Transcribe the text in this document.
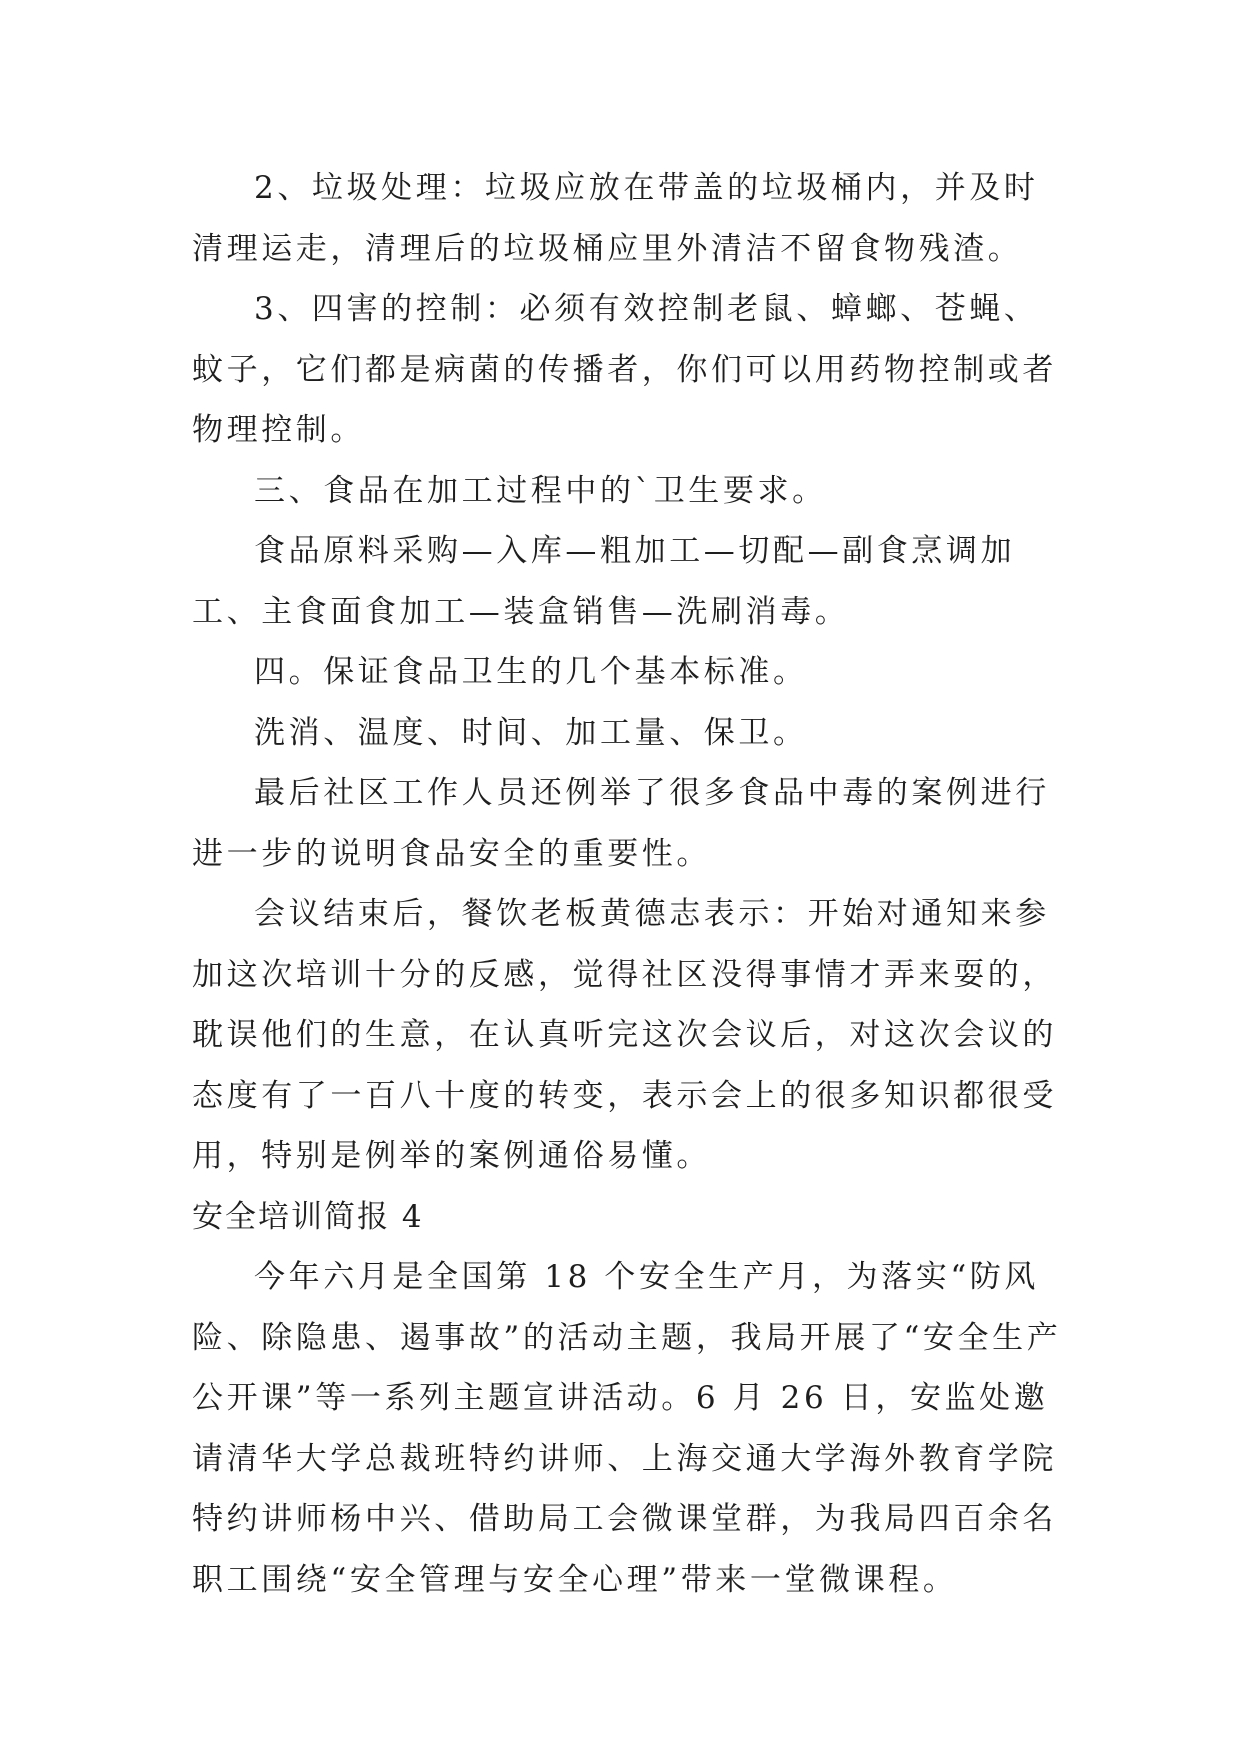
2、垃圾处理：垃圾应放在带盖的垃圾桶内，并及时清理运走，清理后的垃圾桶应里外清洁不留食物残渣。

3、四害的控制：必须有效控制老鼠、蟑螂、苍蝇、蚊子，它们都是病菌的传播者，你们可以用药物控制或者物理控制。

三、食品在加工过程中的`卫生要求。

食品原料采购—入库—粗加工—切配—副食烹调加工、主食面食加工—装盒销售—洗刷消毒。

四。保证食品卫生的几个基本标准。

洗消、温度、时间、加工量、保卫。

最后社区工作人员还例举了很多食品中毒的案例进行进一步的说明食品安全的重要性。

会议结束后，餐饮老板黄德志表示：开始对通知来参加这次培训十分的反感，觉得社区没得事情才弄来耍的，耽误他们的生意，在认真听完这次会议后，对这次会议的态度有了一百八十度的转变，表示会上的很多知识都很受用，特别是例举的案例通俗易懂。

安全培训简报 4

今年六月是全国第 18 个安全生产月，为落实“防风险、除隐患、遏事故”的活动主题，我局开展了“安全生产公开课”等一系列主题宣讲活动。6 月 26 日，安监处邀请清华大学总裁班特约讲师、上海交通大学海外教育学院特约讲师杨中兴、借助局工会微课堂群，为我局四百余名职工围绕“安全管理与安全心理”带来一堂微课程。
